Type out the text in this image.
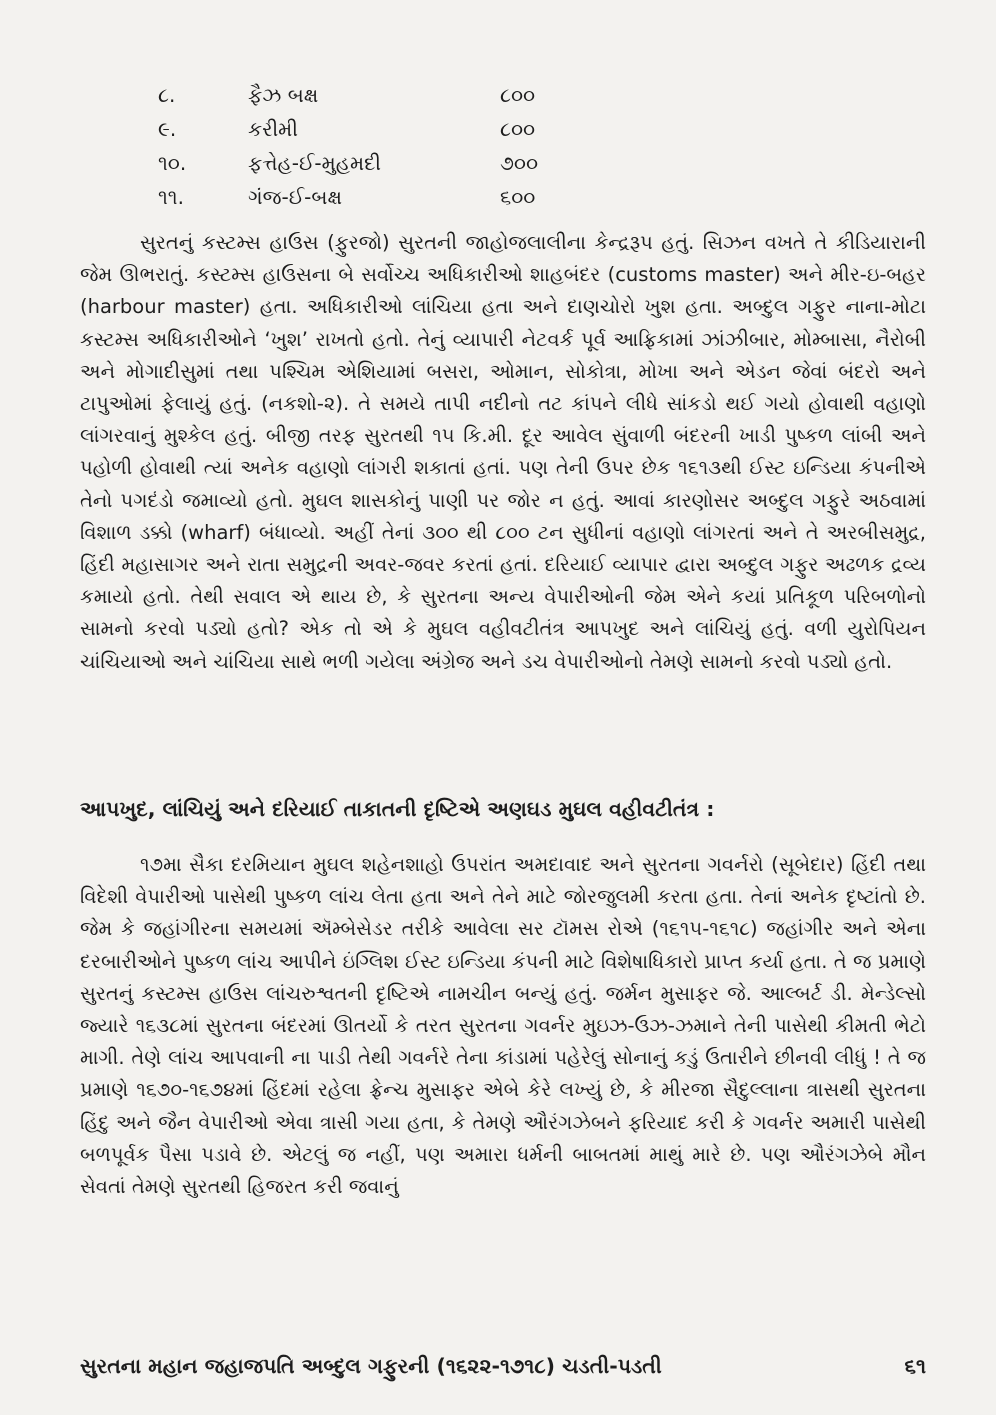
૮.	ફૈઝ બક્ષ	૮૦૦
૯.	કરીમી	૮૦૦
૧૦.	ફત્તેહ-ઈ-મુહમદી	૭૦૦
૧૧.	ગંજ-ઈ-બક્ષ	૬૦૦

સુરતનું કસ્ટમ્સ હાઉસ (ફુરજો) સુરતની જાહોજલાલીના કેન્દ્રરૂપ હતું. સિઝન વખતે તે કીડિયારાની જેમ ઊભરાતું. કસ્ટમ્સ હાઉસના બે સર્વોચ્ચ અધિકારીઓ શાહબંદર (customs master) અને મીર-ઇ-બહર (harbour master) હતા. અધિકારીઓ લાંચિયા હતા અને દાણચોરો ખુશ હતા. અબ્દુલ ગફુર નાના-મોટા કસ્ટમ્સ અધિકારીઓને ‘ખુશ’ રાખતો હતો. તેનું વ્યાપારી નેટવર્ક પૂર્વ આફ્રિકામાં ઝાંઝીબાર, મોમ્બાસા, નૈરોબી અને મોગાદીસુમાં તથા પશ્ચિમ એશિયામાં બસરા, ઓમાન, સોકોત્રા, મોખા અને એડન જેવાં બંદરો અને ટાપુઓમાં ફેલાયું હતું. (નકશો-૨). તે સમયે તાપી નદીનો તટ કાંપને લીધે સાંકડો થઈ ગયો હોવાથી વહાણો લાંગરવાનું મુશ્કેલ હતું. બીજી તરફ સુરતથી ૧૫ કિ.મી. દૂર આવેલ સુંવાળી બંદરની ખાડી પુષ્કળ લાંબી અને પહોળી હોવાથી ત્યાં અનેક વહાણો લાંગરી શકાતાં હતાં. પણ તેની ઉપર છેક ૧૬૧૩થી ઈસ્ટ ઇન્ડિયા કંપનીએ તેનો પગદંડો જમાવ્યો હતો. મુઘલ શાસકોનું પાણી પર જોર ન હતું. આવાં કારણોસર અબ્દુલ ગફુરે અઠવામાં વિશાળ ડક્કો (wharf) બંધાવ્યો. અહીં તેનાં ૩૦૦ થી ૮૦૦ ટન સુધીનાં વહાણો લાંગરતાં અને તે અરબીસમુદ્ર, હિંદી મહાસાગર અને રાતા સમુદ્રની અવર-જવર કરતાં હતાં. દરિયાઈ વ્યાપાર દ્વારા અબ્દુલ ગફુર અઢળક દ્રવ્ય કમાયો હતો. તેથી સવાલ એ થાય છે, કે સુરતના અન્ય વેપારીઓની જેમ એને કયાં પ્રતિકૂળ પરિબળોનો સામનો કરવો પડ્યો હતો? એક તો એ કે મુઘલ વહીવટીતંત્ર આપખુદ અને લાંચિયું હતું. વળી યુરોપિયન ચાંચિયાઓ અને ચાંચિયા સાથે ભળી ગયેલા અંગ્રેજ અને ડચ વેપારીઓનો તેમણે સામનો કરવો પડ્યો હતો.

આપખુદ, લાંચિયું અને દરિયાઈ તાકાતની દૃષ્ટિએ અણઘડ મુઘલ વહીવટીતંત્ર :

૧૭મા સૈકા દરમિયાન મુઘલ શહેનશાહો ઉપરાંત અમદાવાદ અને સુરતના ગવર્નરો (સૂબેદાર) હિંદી તથા વિદેશી વેપારીઓ પાસેથી પુષ્કળ લાંચ લેતા હતા અને તેને માટે જોરજુલમી કરતા હતા. તેનાં અનેક દૃષ્ટાંતો છે. જેમ કે જહાંગીરના સમયમાં ઍમ્બેસેડર તરીકે આવેલા સર ટૉમસ રોએ (૧૬૧૫-૧૬૧૮) જહાંગીર અને એના દરબારીઓને પુષ્કળ લાંચ આપીને ઇંગ્લિશ ઈસ્ટ ઇન્ડિયા કંપની માટે વિશેષાધિકારો પ્રાપ્ત કર્યા હતા. તે જ પ્રમાણે સુરતનું કસ્ટમ્સ હાઉસ લાંચરુશ્વતની દૃષ્ટિએ નામચીન બન્યું હતું. જર્મન મુસાફર જે. આલ્બર્ટ ડી. મેન્ડેલ્સો જ્યારે ૧૬૩૮માં સુરતના બંદરમાં ઊતર્યો કે તરત સુરતના ગવર્નર મુઇઝ-ઉઝ-ઝમાને તેની પાસેથી કીમતી ભેટો માગી. તેણે લાંચ આપવાની ના પાડી તેથી ગવર્નરે તેના કાંડામાં પહેરેલું સોનાનું કડું ઉતારીને છીનવી લીધું ! તે જ પ્રમાણે ૧૬૭૦-૧૬૭૪માં હિંદમાં રહેલા ફ્રેન્ચ મુસાફર એબે કેરે લખ્યું છે, કે મીરજા સૈદુલ્લાના ત્રાસથી સુરતના હિંદુ અને જૈન વેપારીઓ એવા ત્રાસી ગયા હતા, કે તેમણે ઔરંગઝેબને ફરિયાદ કરી કે ગવર્નર અમારી પાસેથી બળપૂર્વક પૈસા પડાવે છે. એટલું જ નહીં, પણ અમારા ધર્મની બાબતમાં માથું મારે છે. પણ ઔરંગઝેબે મૌન સેવતાં તેમણે સુરતથી હિજરત કરી જવાનું

સુરતના મહાન જહાજપતિ અબ્દુલ ગફુરની (૧૬૨૨-૧૭૧૮) ચડતી-પડતી	૬૧
